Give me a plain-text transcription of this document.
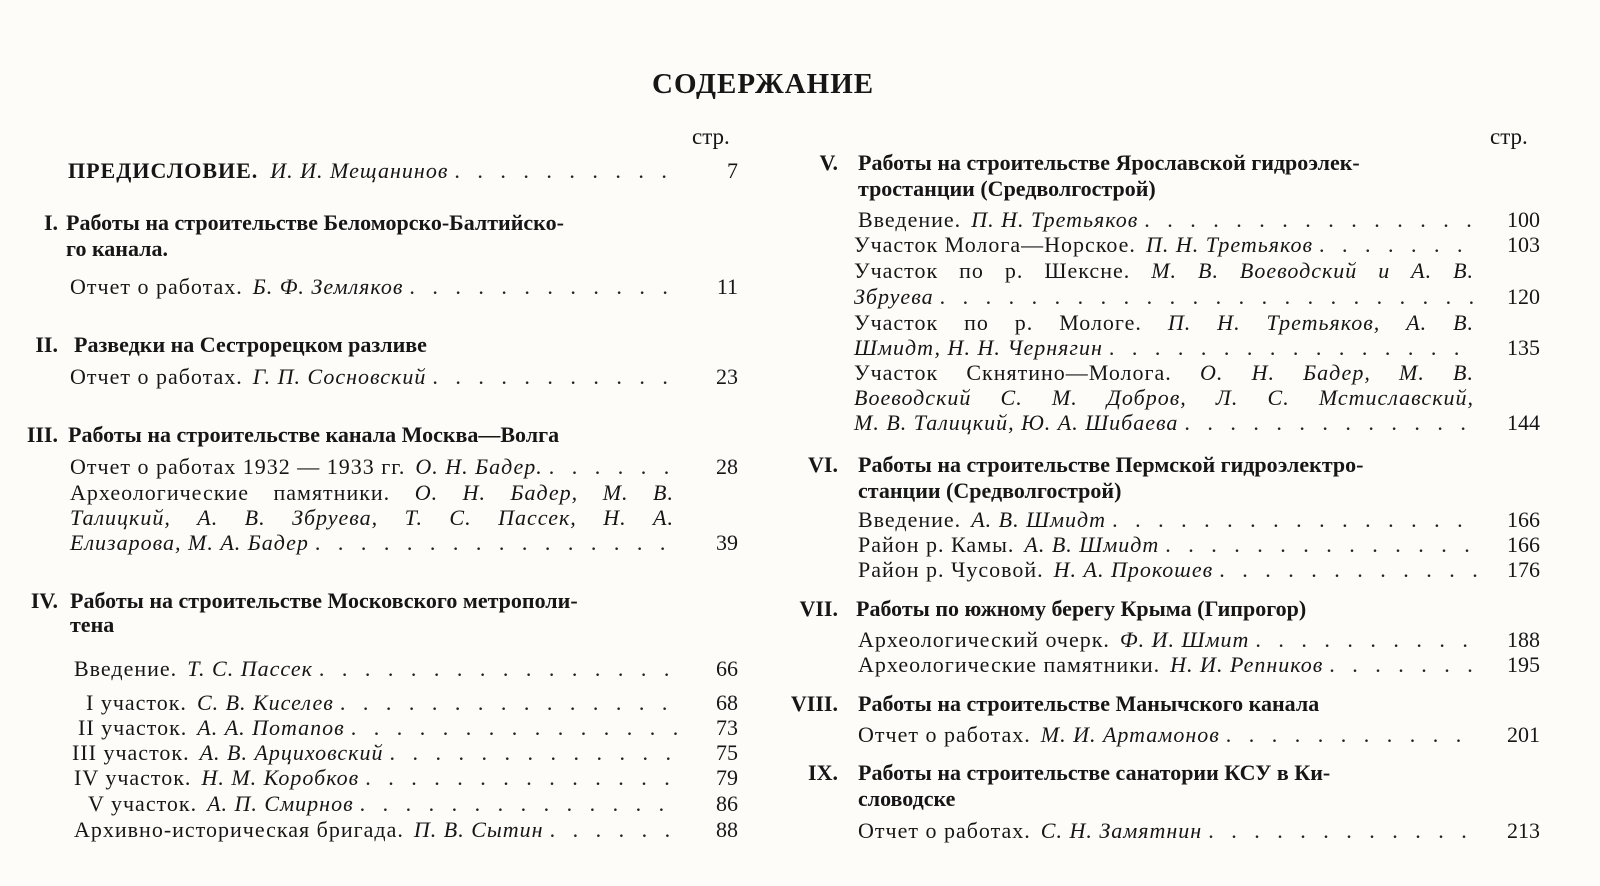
СОДЕРЖАНИЕ
стр.	стр.
ПРЕДИСЛОВИЕ. И. И. Мещанинов . . .	7
I. Работы на строительстве Беломорско-Балтийско-
го канала.
Отчет о работах. Б. Ф. Земляков . . .	11
II. Разведки на Сестрорецком разливе
Отчет о работах. Г. П. Сосновский . . .	23
III. Работы на строительстве канала Москва—Волга
Отчет о работах 1932 — 1933 гг. О. Н. Бадер. . . .	28
Археологические памятники. О. Н. Бадер, М. В.
Талицкий, А. В. Збруева, Т. С. Пассек, Н. А.
Елизарова, М. А. Бадер . . .	39
IV. Работы на строительстве Московского метрополи-
тена
Введение. Т. С. Пассек . . .	66
I участок. С. В. Киселев . . .	68
II участок. А. А. Потапов . . .	73
III участок. А. В. Арциховский . . .	75
IV участок. Н. М. Коробков . . .	79
V участок. А. П. Смирнов . . .	86
Архивно-историческая бригада. П. В. Сытин . . .	88
V. Работы на строительстве Ярославской гидроэлек-
тростанции (Средволгострой)
Введение. П. Н. Третьяков . . .	100
Участок Молога—Норское. П. Н. Третьяков . . .	103
Участок по р. Шексне. М. В. Воеводский и А. В.
Збруева . . .	120
Участок по р. Мологе. П. Н. Третьяков, А. В.
Шмидт, Н. Н. Чернягин . . .	135
Участок Скнятино—Молога. О. Н. Бадер, М. В.
Воеводский С. М. Добров, Л. С. Мстиславский,
М. В. Талицкий, Ю. А. Шибаева . . .	144
VI. Работы на строительстве Пермской гидроэлектро-
станции (Средволгострой)
Введение. А. В. Шмидт . . .	166
Район р. Камы. А. В. Шмидт . . .	166
Район р. Чусовой. Н. А. Прокошев . . .	176
VII. Работы по южному берегу Крыма (Гипрогор)
Археологический очерк. Ф. И. Шмит . . .	188
Археологические памятники. Н. И. Репников . . .	195
VIII. Работы на строительстве Манычского канала
Отчет о работах. М. И. Артамонов . . .	201
IX. Работы на строительстве санатории КСУ в Ки-
словодске
Отчет о работах. С. Н. Замятнин . . .	213
